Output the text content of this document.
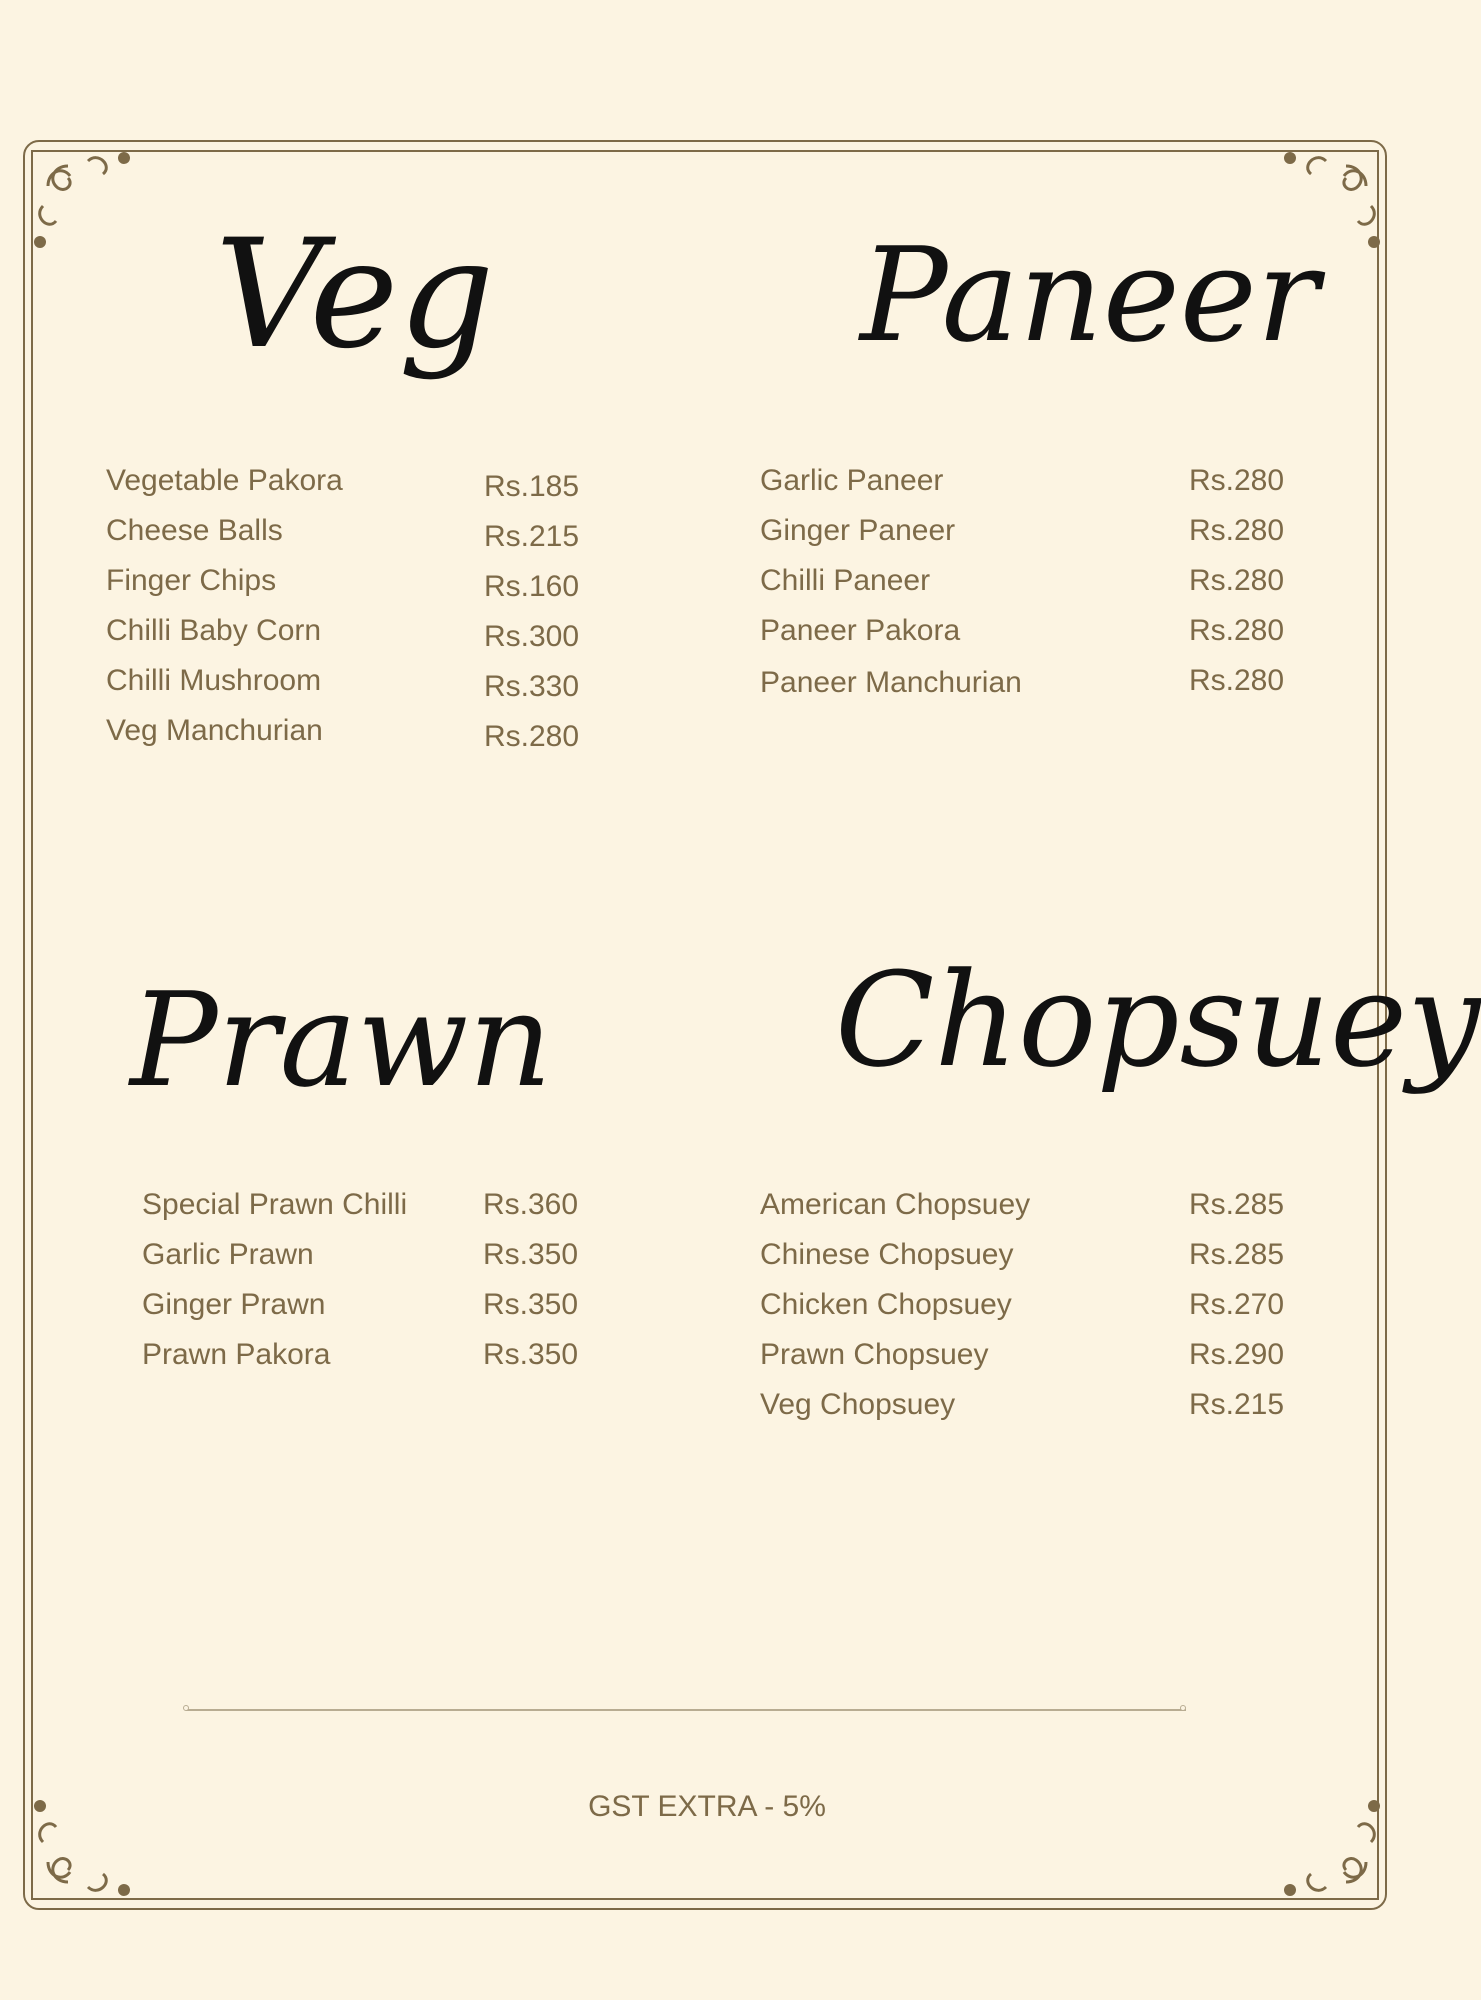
Veg
Vegetable Pakora	Rs.185
Cheese Balls	Rs.215
Finger Chips	Rs.160
Chilli Baby Corn	Rs.300
Chilli Mushroom	Rs.330
Veg Manchurian	Rs.280
Paneer
Garlic Paneer	Rs.280
Ginger Paneer	Rs.280
Chilli Paneer	Rs.280
Paneer Pakora	Rs.280
Paneer Manchurian	Rs.280
Prawn
Special Prawn Chilli	Rs.360
Garlic Prawn	Rs.350
Ginger Prawn	Rs.350
Prawn Pakora	Rs.350
Chopsuey
American Chopsuey	Rs.285
Chinese Chopsuey	Rs.285
Chicken Chopsuey	Rs.270
Prawn Chopsuey	Rs.290
Veg Chopsuey	Rs.215
GST EXTRA - 5%
